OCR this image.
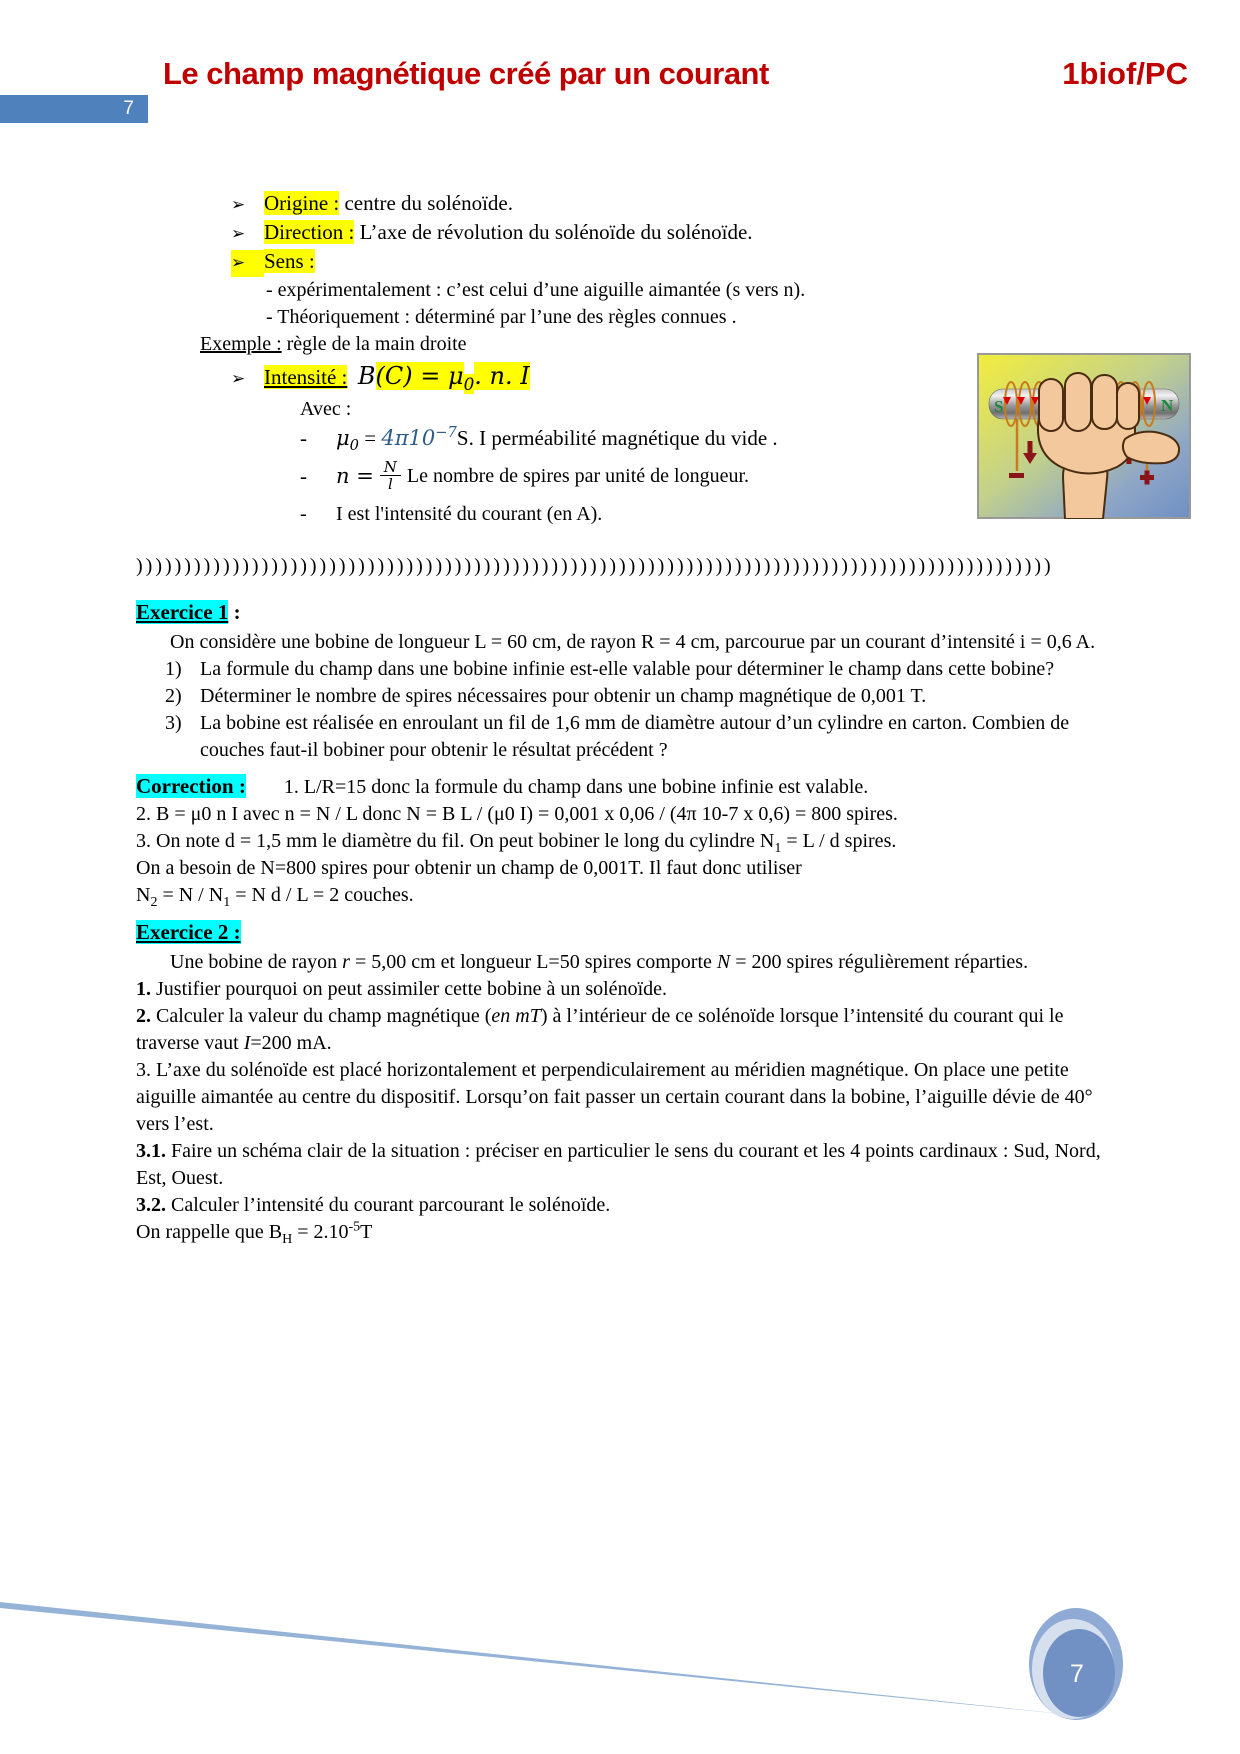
7
Le champ magnétique créé par un courant	1biof/PC
S	N
➢ Origine : centre du solénoïde.
➢ Direction : L’axe de révolution du solénoïde du solénoïde.
➢ Sens :
- expérimentalement : c’est celui d’une aiguille aimantée (s vers n).
- Théoriquement : déterminé par l’une des règles connues .
Exemple : règle de la main droite
➢ Intensité : $B(C) = \mu_0$. n. I
Avec :
-	$\mu_0 = 4\pi 10^{-7}S$. I perméabilité magnétique du vide .
-	$n = \frac{N}{l}$ Le nombre de spires par unité de longueur.
-	I est l'intensité du courant (en A).
)))))))))))))))))))))))))))))))))))))))))))))))))))))))))))))))))))))))))))))))))))))))))))))))
Exercice 1 :
On considère une bobine de longueur L = 60 cm, de rayon R = 4 cm, parcourue par un courant d’intensité i = 0,6 A.
1) La formule du champ dans une bobine infinie est-elle valable pour déterminer le champ dans cette bobine?
2) Déterminer le nombre de spires nécessaires pour obtenir un champ magnétique de 0,001 T.
3) La bobine est réalisée en enroulant un fil de 1,6 mm de diamètre autour d’un cylindre en carton. Combien de couches faut-il bobiner pour obtenir le résultat précédent ?

Correction : 1. L/R=15 donc la formule du champ dans une bobine infinie est valable.

2. B = μ0 n I avec n = N / L donc N = B L / (μ0 I) = 0,001 x 0,06 / (4π 10-7 x 0,6) = 800 spires.

3. On note d = 1,5 mm le diamètre du fil. On peut bobiner le long du cylindre $N_1 = L / d$ spires.

On a besoin de N=800 spires pour obtenir un champ de 0,001T. Il faut donc utiliser

$N_2 = N / N_1 = N$ d / L = 2 couches.

Exercice 2 :

Une bobine de rayon r = 5,00 cm et longueur L=50 spires comporte N = 200 spires régulièrement réparties.

1. Justifier pourquoi on peut assimiler cette bobine à un solénoïde.

2. Calculer la valeur du champ magnétique (en mT) à l’intérieur de ce solénoïde lorsque l’intensité du courant qui le traverse vaut I=200 mA.

3. L’axe du solénoïde est placé horizontalement et perpendiculairement au méridien magnétique. On place une petite aiguille aimantée au centre du dispositif. Lorsqu’on fait passer un certain courant dans la bobine, l’aiguille dévie de 40° vers l’est.

3.1. Faire un schéma clair de la situation : préciser en particulier le sens du courant et les 4 points cardinaux : Sud, Nord, Est, Ouest.

3.2. Calculer l’intensité du courant parcourant le solénoïde.

On rappelle que $B_H = 2.10^{-5}T$

7
